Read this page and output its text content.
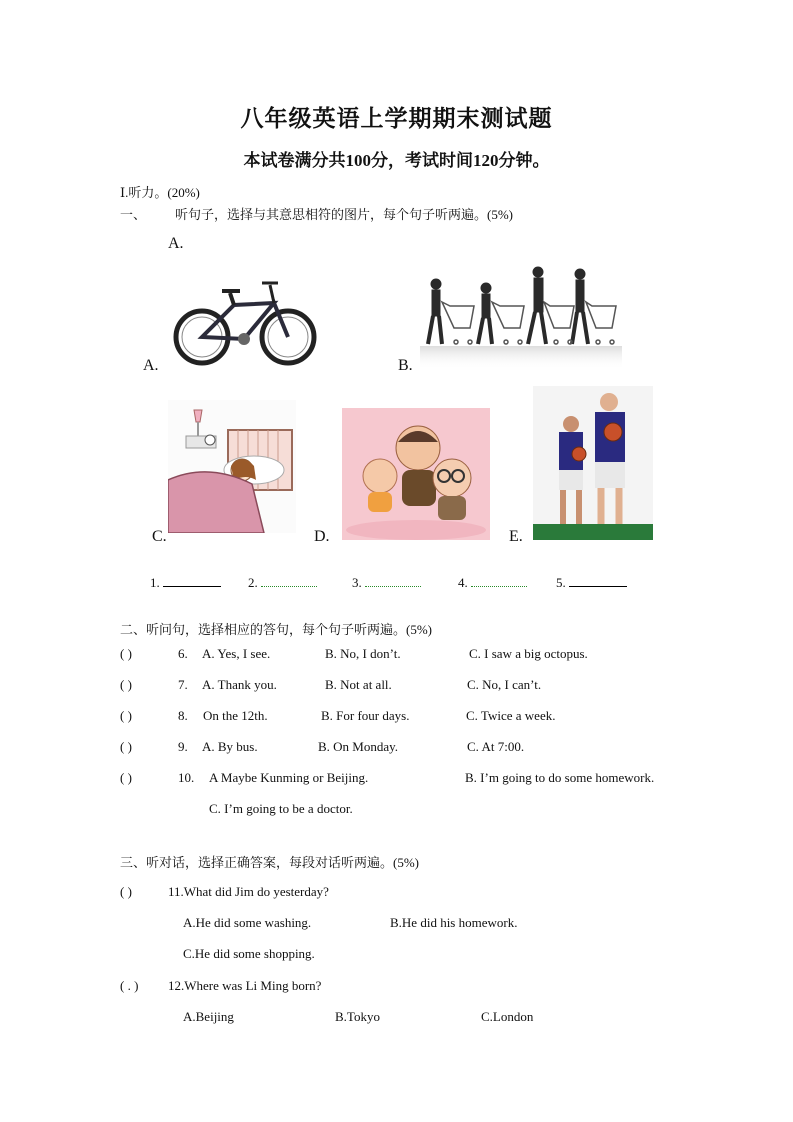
八年级英语上学期期末测试题
本试卷满分共100分，考试时间120分钟。
Ⅰ.听力。(20%)
一、 听句子，选择与其意思相符的图片，每个句子听两遍。(5%)
A.
A.	B.
C.	D.	E.
1.	2.	3.	4.	5.
二、听问句，选择相应的答句，每个句子听两遍。(5%)
( )	6. A. Yes, I see.	B. No, I don’t.	C. I saw a big octopus.
( )	7. A. Thank you.	B. Not at all.	C. No, I can’t.
( )	8. On the 12th.	B. For four days.	C. Twice a week.
( )	9. A. By bus.	B. On Monday.	C. At 7:00.
( )	10. A Maybe Kunming or Beijing.	B. I’m going to do some homework.
C. I’m going to be a doctor.
三、听对话，选择正确答案，每段对话听两遍。(5%)
( )	11.What did Jim do yesterday?
A.He did some washing.	B.He did his homework.
C.He did some shopping.
( . ) 12.Where was Li Ming born?
A.Beijing	B.Tokyo	C.London
